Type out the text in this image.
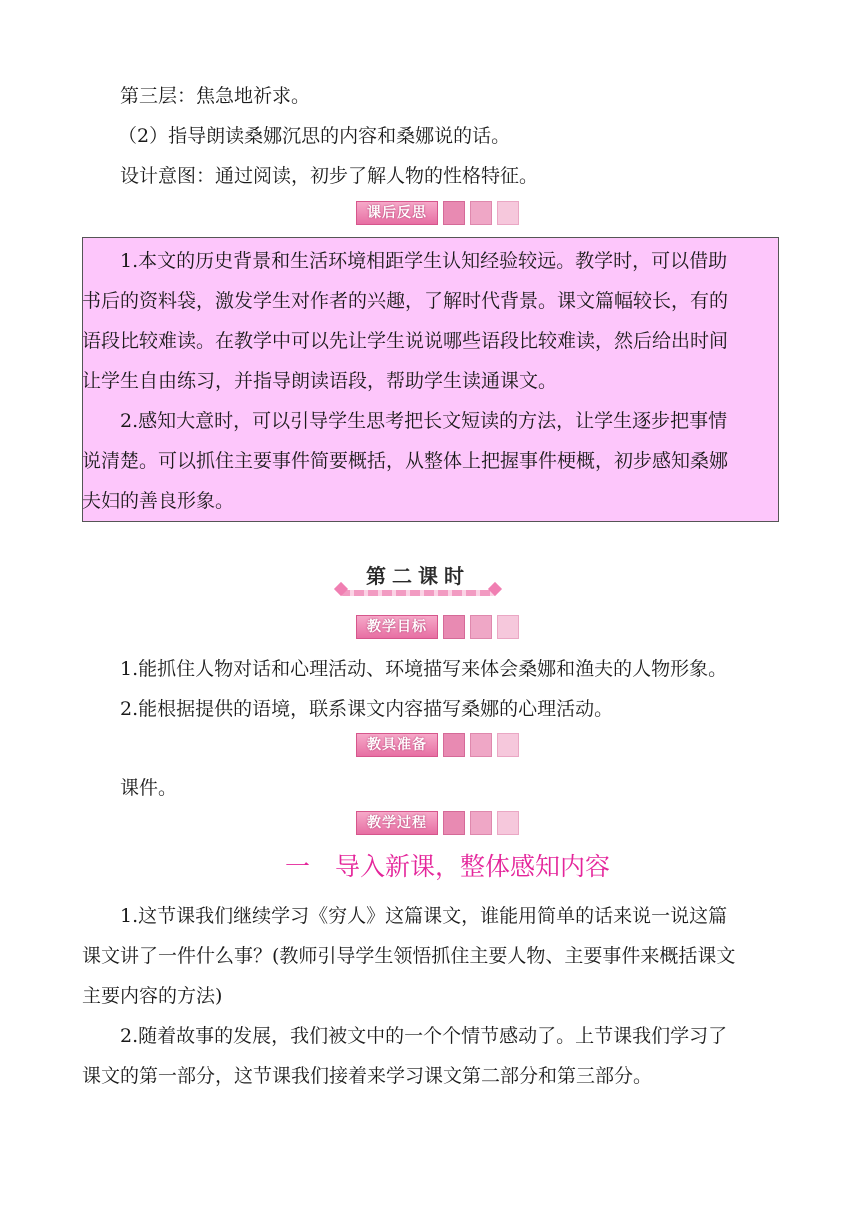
第三层：焦急地祈求。
（2）指导朗读桑娜沉思的内容和桑娜说的话。
设计意图：通过阅读，初步了解人物的性格特征。
课后反思
1.本文的历史背景和生活环境相距学生认知经验较远。教学时，可以借助
书后的资料袋，激发学生对作者的兴趣，了解时代背景。课文篇幅较长，有的
语段比较难读。在教学中可以先让学生说说哪些语段比较难读，然后给出时间
让学生自由练习，并指导朗读语段，帮助学生读通课文。
2.感知大意时，可以引导学生思考把长文短读的方法，让学生逐步把事情
说清楚。可以抓住主要事件简要概括，从整体上把握事件梗概，初步感知桑娜
夫妇的善良形象。
第二课时
教学目标
1.能抓住人物对话和心理活动、环境描写来体会桑娜和渔夫的人物形象。
2.能根据提供的语境，联系课文内容描写桑娜的心理活动。
教具准备
课件。
教学过程
一　导入新课，整体感知内容
1.这节课我们继续学习《穷人》这篇课文，谁能用简单的话来说一说这篇
课文讲了一件什么事？(教师引导学生领悟抓住主要人物、主要事件来概括课文
主要内容的方法)
2.随着故事的发展，我们被文中的一个个情节感动了。上节课我们学习了
课文的第一部分，这节课我们接着来学习课文第二部分和第三部分。
